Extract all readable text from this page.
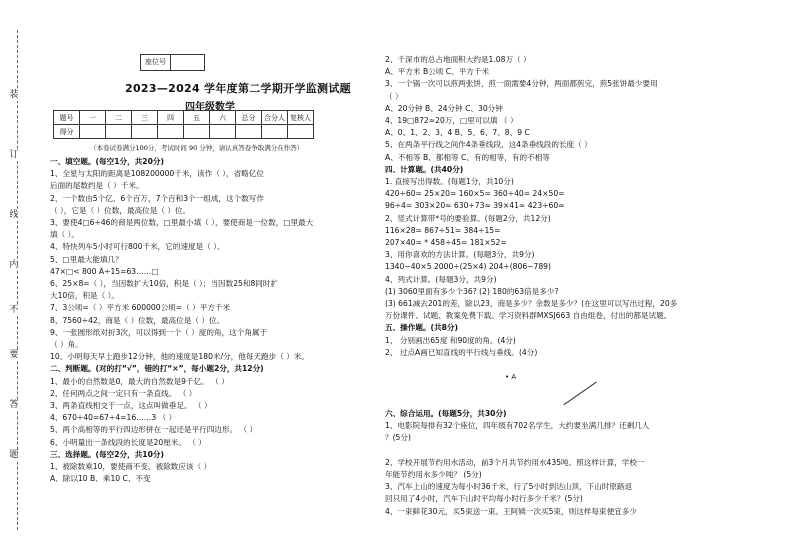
装
订
线
内
不
要
答
题
座位号
2023—2024 学年度第二学期开学监测试题
四年级数学
题号	一	二	三	四	五	六	总分	合分人	复核人
得分									
（本卷试卷满分100分，考试时间 90 分钟，请认真答卷争取满分在作答）

一、填空题。(每空1分，共20分)

1、全星与太阳的距离是108200000千米，读作（ ），省略亿位

后面的尾数约是（ ）千米。

2、一个数由5个亿，6个百万，7个百和3个一组成，这个数写作

（ ），它是（ ）位数，最高位是（ ）位。

3、要使4□6÷46的商是两位数，□里最小填（ ），要使商是一位数，□里最大

填（ ）。

4、特快列车5小时可行800千米，它的速度是（ ）。

5、□里最大能填几？

47×□< 800 A÷15=63……□

6、25×8=（ ），当因数扩大10倍，积是（ ）；当因数25和8同时扩

大10倍，积是（ ）。

7、3公顷=（ ）平方米 600000公顷=（ ）平方千米

8、7560÷42，商是（ ）位数，最高位是（ ）位。

9、一张圆形纸对折3次，可以得到一个（ ）度的角，这个角属于

（ ）角。

10、小明每天早上跑步12分钟，他的速度是180米/分，他每天跑步（ ）米。

二、判断题。(对的打“√”，错的打“×”，每小题2分，共12分)

1、最小的自然数是0，最大的自然数是9千亿。 （ ）

2、任何两点之间一定只有一条直线。 （ ）

3、两条直线相交于一点，这点叫做垂足。 （ ）

4、670÷40=67÷4=16……3 （ ）

5、两个高相等的平行四边形拼在一起还是平行四边形。 （ ）

6、小明量出一条线段的长度是20厘米。 （ ）

三、选择题。(每空2分，共10分)

1、被除数乘10，要使商不变，被除数应该（ ）

A、除以10 B、乘10 C、不变

2、千深市的总占地面积大约是1.08万（ ）

A、平方米 B公顷 C、平方千米

3、一个锅一次可以煎两张饼，煎一面需要4分钟，两面都煎完，煎5张饼最少要用

（ ）

A、20分钟 B、24分钟 C、30分钟

4、19□872≈20万，□里可以填 （ ）

A、0、1、2、3、4 B、5、6、7、8、9 C

5、在两条平行线之间作4条垂线段，这4条垂线段的长度（ ）

A、不相等 B、都相等 C、有的相等，有的不相等

四、计算题。(共40分)

1. 直接写出得数。(每题1分，共10分)

420÷60= 25×20= 160×5= 360÷40= 24×50=

96÷4= 303×20≈ 630÷73≈ 39×41≈ 423÷60≈

2、竖式计算带*号的要验算。(每题2分，共12分)

116×28= 867÷51= 384÷15=

207×40= * 458÷45= 181×52=

3、用你喜欢的方法计算。(每题3分，共9分)

1340−40×5 2000÷(25×4) 204÷(806−789)

4、列式计算。(每题3分，共9分)

(1) 3060里面有多少个36? (2) 180的63倍是多少?

(3) 661减去201的差，除以23，商是多少？余数是多少？(在这里可以写出过程，20多

万份课件、试题、教案免费下载。学习资料群MXSJ663 自由组卷，付出的都是试题。

五、操作题。(共8分)

1、 分别画出65度 和90度的角。(4分)

2、 过点A画已知直线的平行线与垂线。(4分)

六、综合运用。(每题5分，共30分)

1、电影院每排有32个座位，四年级有702名学生，大约要坐满几排？还剩几人

？(5分)

2、学校开展节约用水活动，前3个月共节约用水435吨。照这样计算，学校一

年能节约用水多少吨？ (5分)

3、汽车上山的速度为每小时36千米，行了5小时到达山顶，下山时原路返

回只用了4小时，汽车下山时平均每小时行多少千米？(5分)

4、一束鲜花30元，买5束送一束。王阿姨一次买5束，则这样每束便宜多少

• A
